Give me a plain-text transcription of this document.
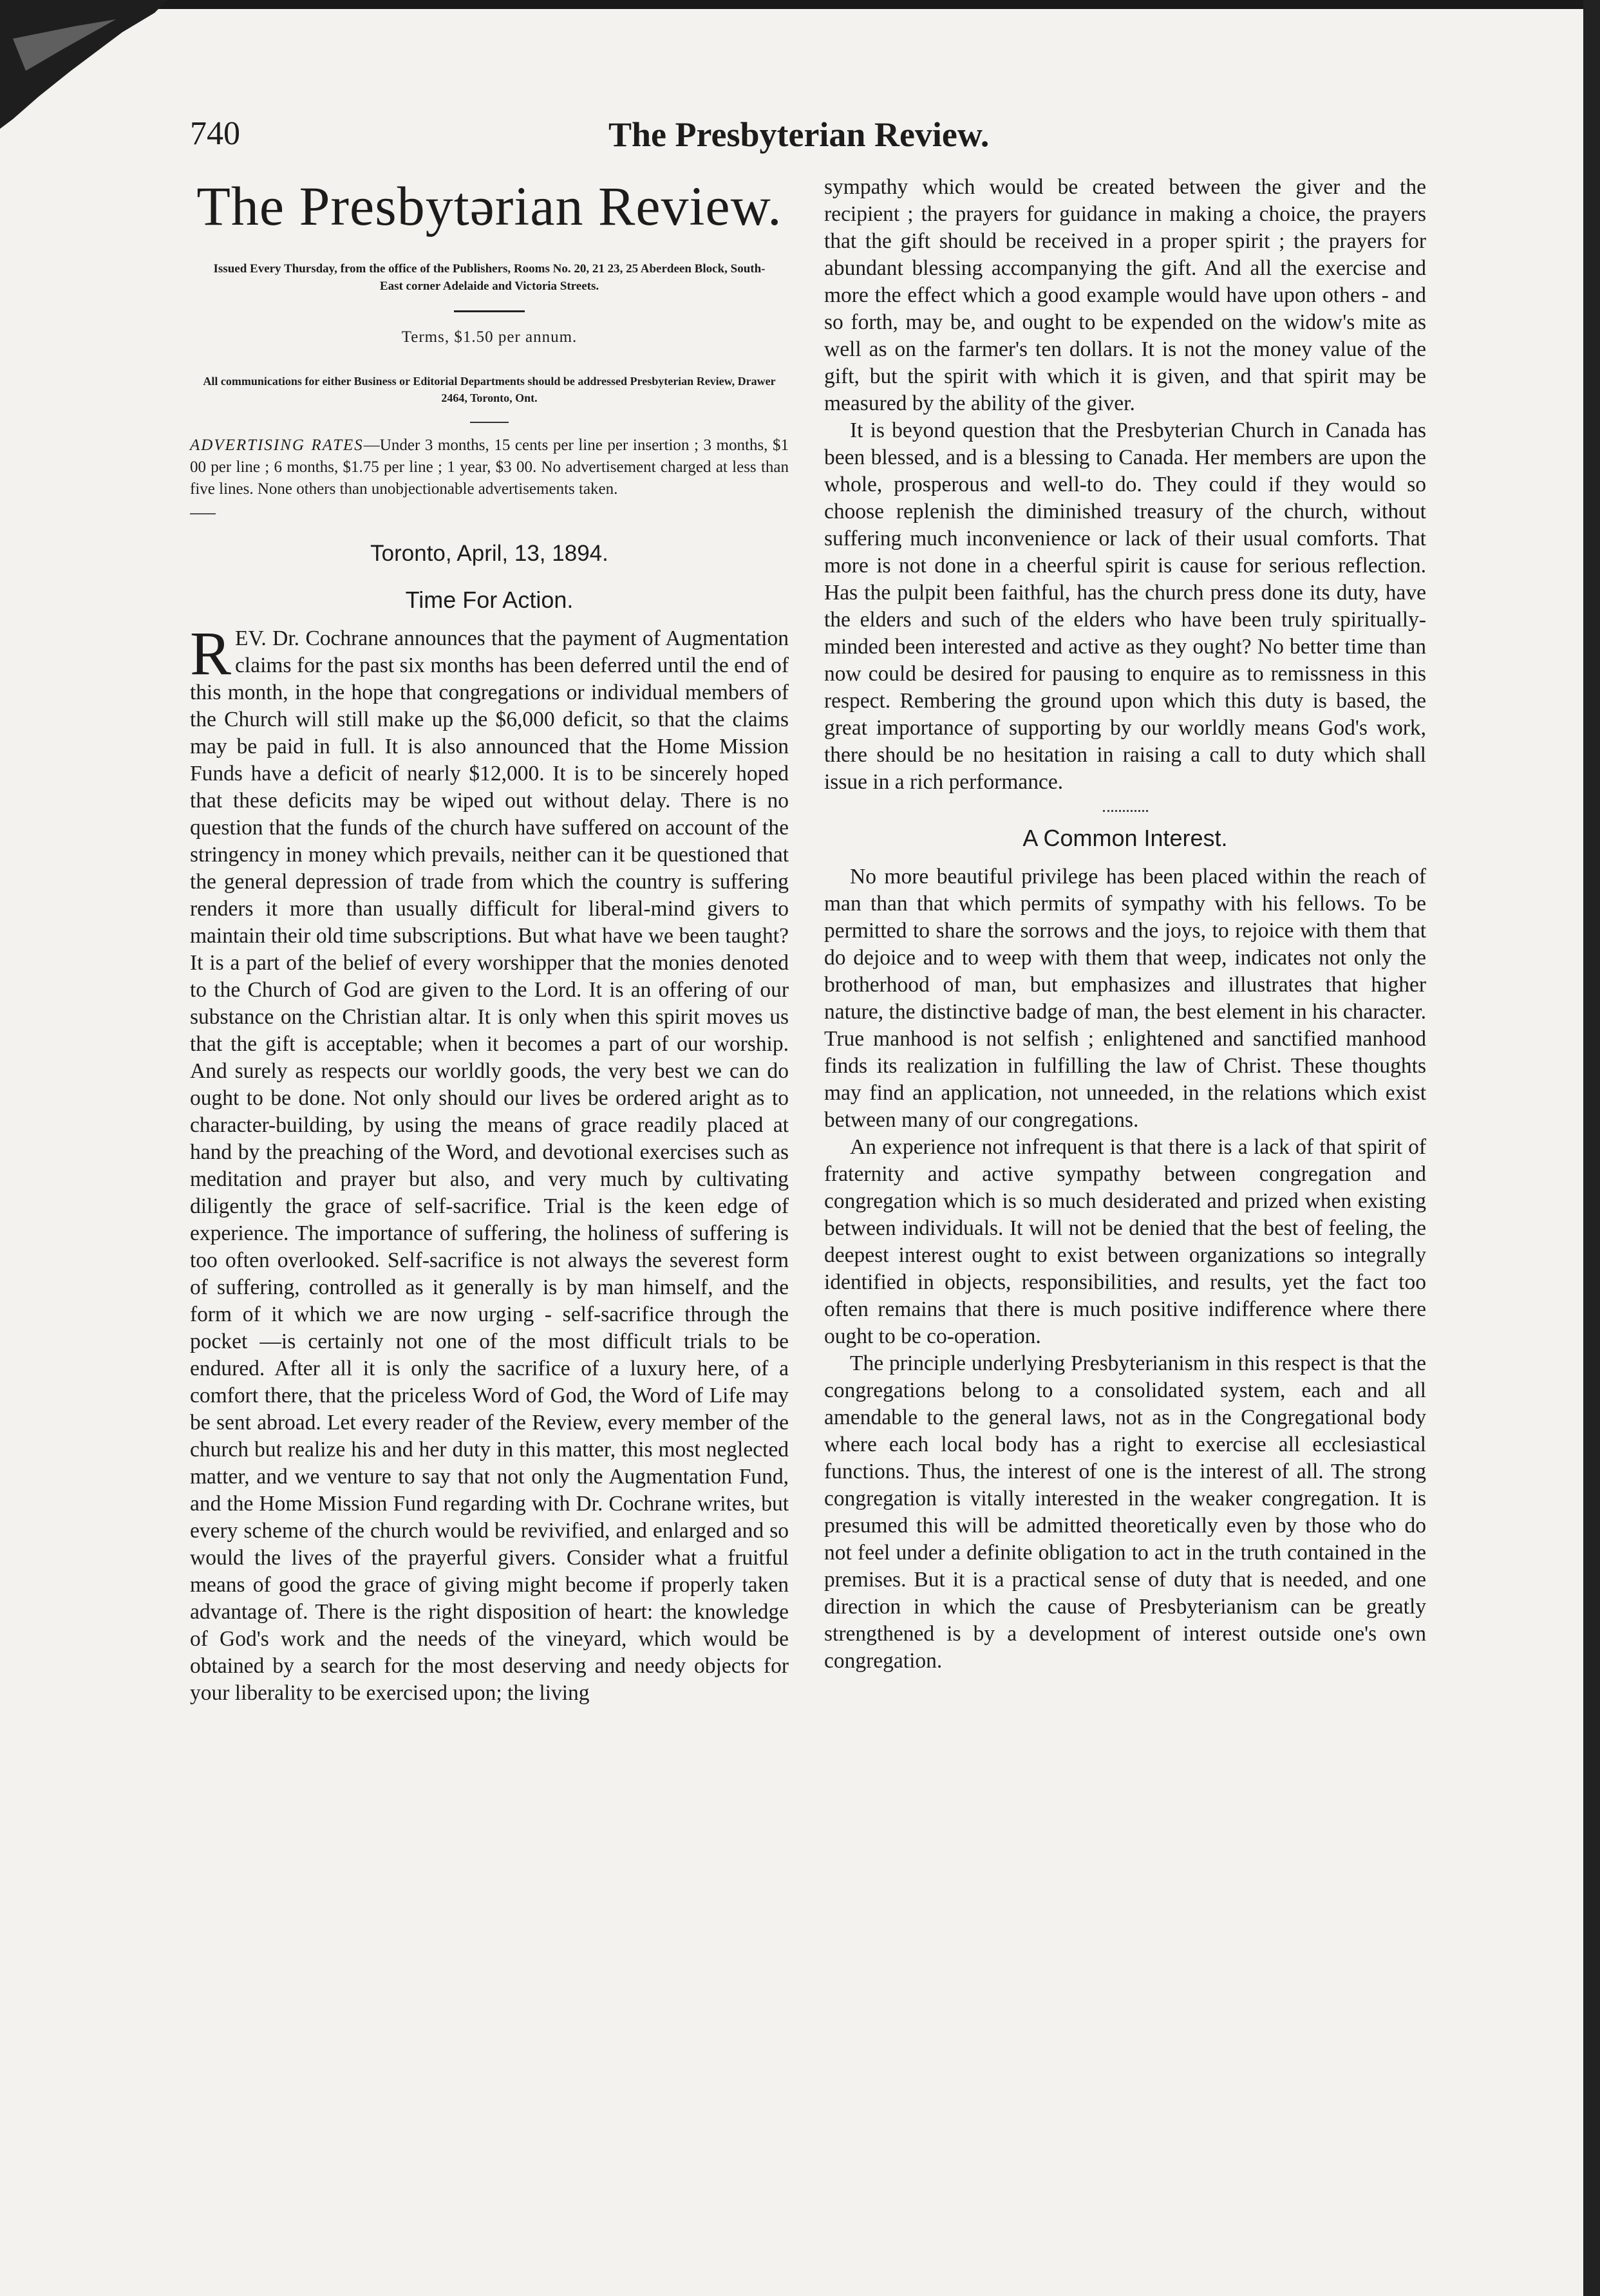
740	The Presbyterian Review.
The Presbytərian Review.
Issued Every Thursday, from the office of the Publishers, Rooms No. 20, 21 23, 25 Aberdeen Block, South-East corner Adelaide and Victoria Streets.
Terms, $1.50 per annum.
All communications for either Business or Editorial Departments should be addressed Presbyterian Review, Drawer 2464, Toronto, Ont.
ADVERTISING RATES—Under 3 months, 15 cents per line per insertion ; 3 months, $1 00 per line ; 6 months, $1.75 per line ; 1 year, $3 00. No advertisement charged at less than five lines. None others than unobjectionable advertisements taken.
Toronto, April, 13, 1894.
Time For Action.

REV. Dr. Cochrane announces that the payment of Augmentation claims for the past six months has been deferred until the end of this month, in the hope that congregations or individual members of the Church will still make up the $6,000 deficit, so that the claims may be paid in full. It is also announced that the Home Mission Funds have a deficit of nearly $12,000. It is to be sincerely hoped that these deficits may be wiped out without delay. There is no question that the funds of the church have suffered on account of the stringency in money which prevails, neither can it be questioned that the general depression of trade from which the country is suffering renders it more than usually difficult for liberal-mind givers to maintain their old time subscriptions. But what have we been taught? It is a part of the belief of every worshipper that the monies denoted to the Church of God are given to the Lord. It is an offering of our substance on the Christian altar. It is only when this spirit moves us that the gift is acceptable; when it becomes a part of our worship. And surely as respects our worldly goods, the very best we can do ought to be done. Not only should our lives be ordered aright as to character-building, by using the means of grace readily placed at hand by the preaching of the Word, and devotional exercises such as meditation and prayer but also, and very much by cultivating diligently the grace of self-sacrifice. Trial is the keen edge of experience. The importance of suffering, the holiness of suffering is too often overlooked. Self-sacrifice is not always the severest form of suffering, controlled as it generally is by man himself, and the form of it which we are now urging - self-sacrifice through the pocket —is certainly not one of the most difficult trials to be endured. After all it is only the sacrifice of a luxury here, of a comfort there, that the priceless Word of God, the Word of Life may be sent abroad. Let every reader of the Review, every member of the church but realize his and her duty in this matter, this most neglected matter, and we venture to say that not only the Augmentation Fund, and the Home Mission Fund regarding with Dr. Cochrane writes, but every scheme of the church would be revivified, and enlarged and so would the lives of the prayerful givers. Consider what a fruitful means of good the grace of giving might become if properly taken advantage of. There is the right disposition of heart: the knowledge of God's work and the needs of the vineyard, which would be obtained by a search for the most deserving and needy objects for your liberality to be exercised upon; the living

sympathy which would be created between the giver and the recipient ; the prayers for guidance in making a choice, the prayers that the gift should be received in a proper spirit ; the prayers for abundant blessing accompanying the gift. And all the exercise and more the effect which a good example would have upon others - and so forth, may be, and ought to be expended on the widow's mite as well as on the farmer's ten dollars. It is not the money value of the gift, but the spirit with which it is given, and that spirit may be measured by the ability of the giver.

It is beyond question that the Presbyterian Church in Canada has been blessed, and is a blessing to Canada. Her members are upon the whole, prosperous and well-to do. They could if they would so choose replenish the diminished treasury of the church, without suffering much inconvenience or lack of their usual comforts. That more is not done in a cheerful spirit is cause for serious reflection. Has the pulpit been faithful, has the church press done its duty, have the elders and such of the elders who have been truly spiritually-minded been interested and active as they ought? No better time than now could be desired for pausing to enquire as to remissness in this respect. Rembering the ground upon which this duty is based, the great importance of supporting by our worldly means God's work, there should be no hesitation in raising a call to duty which shall issue in a rich performance.

A Common Interest.

No more beautiful privilege has been placed within the reach of man than that which permits of sympathy with his fellows. To be permitted to share the sorrows and the joys, to rejoice with them that do dejoice and to weep with them that weep, indicates not only the brotherhood of man, but emphasizes and illustrates that higher nature, the distinctive badge of man, the best element in his character. True manhood is not selfish ; enlightened and sanctified manhood finds its realization in fulfilling the law of Christ. These thoughts may find an application, not unneeded, in the relations which exist between many of our congregations.

An experience not infrequent is that there is a lack of that spirit of fraternity and active sympathy between congregation and congregation which is so much desiderated and prized when existing between individuals. It will not be denied that the best of feeling, the deepest interest ought to exist between organizations so integrally identified in objects, responsibilities, and results, yet the fact too often remains that there is much positive indifference where there ought to be co-operation.

The principle underlying Presbyterianism in this respect is that the congregations belong to a consolidated system, each and all amendable to the general laws, not as in the Congregational body where each local body has a right to exercise all ecclesiastical functions. Thus, the interest of one is the interest of all. The strong congregation is vitally interested in the weaker congregation. It is presumed this will be admitted theoretically even by those who do not feel under a definite obligation to act in the truth contained in the premises. But it is a practical sense of duty that is needed, and one direction in which the cause of Presbyterianism can be greatly strengthened is by a development of interest outside one's own congregation.
